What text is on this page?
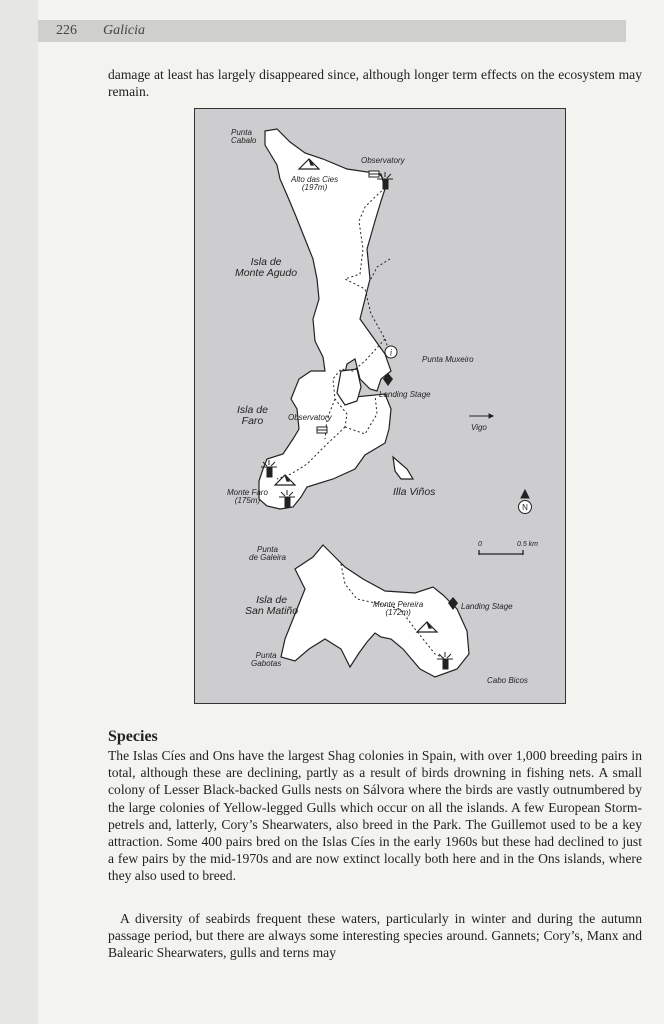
226 Galicia

damage at least has largely disappeared since, although longer term effects on the ecosystem may remain.

i
N
Punta
Cabalo
Alto das Cies
(197m)
Observatory
Isla de
Monte Agudo
Punta Muxeiro
Landing Stage
Isla de
Faro	Observatory
Vigo
Monte Faro
(175m)
Illa Viños
0	0.5 km
Punta
de Galeira
Isla de
San Matiño
Monte Pereira
(172m)
Landing Stage
Punta
Gabotas
Cabo Bicos
Species

The Islas Cíes and Ons have the largest Shag colonies in Spain, with over 1,000 breeding pairs in total, although these are declining, partly as a result of birds drowning in fishing nets. A small colony of Lesser Black-backed Gulls nests on Sálvora where the birds are vastly outnumbered by the large colonies of Yellow-legged Gulls which occur on all the islands. A few European Storm-petrels and, latterly, Cory’s Shearwaters, also breed in the Park. The Guillemot used to be a key attraction. Some 400 pairs bred on the Islas Cíes in the early 1960s but these had declined to just a few pairs by the mid-1970s and are now extinct locally both here and in the Ons islands, where they also used to breed.

A diversity of seabirds frequent these waters, particularly in winter and during the autumn passage period, but there are always some interesting species around. Gannets; Cory’s, Manx and Balearic Shearwaters, gulls and terns may
